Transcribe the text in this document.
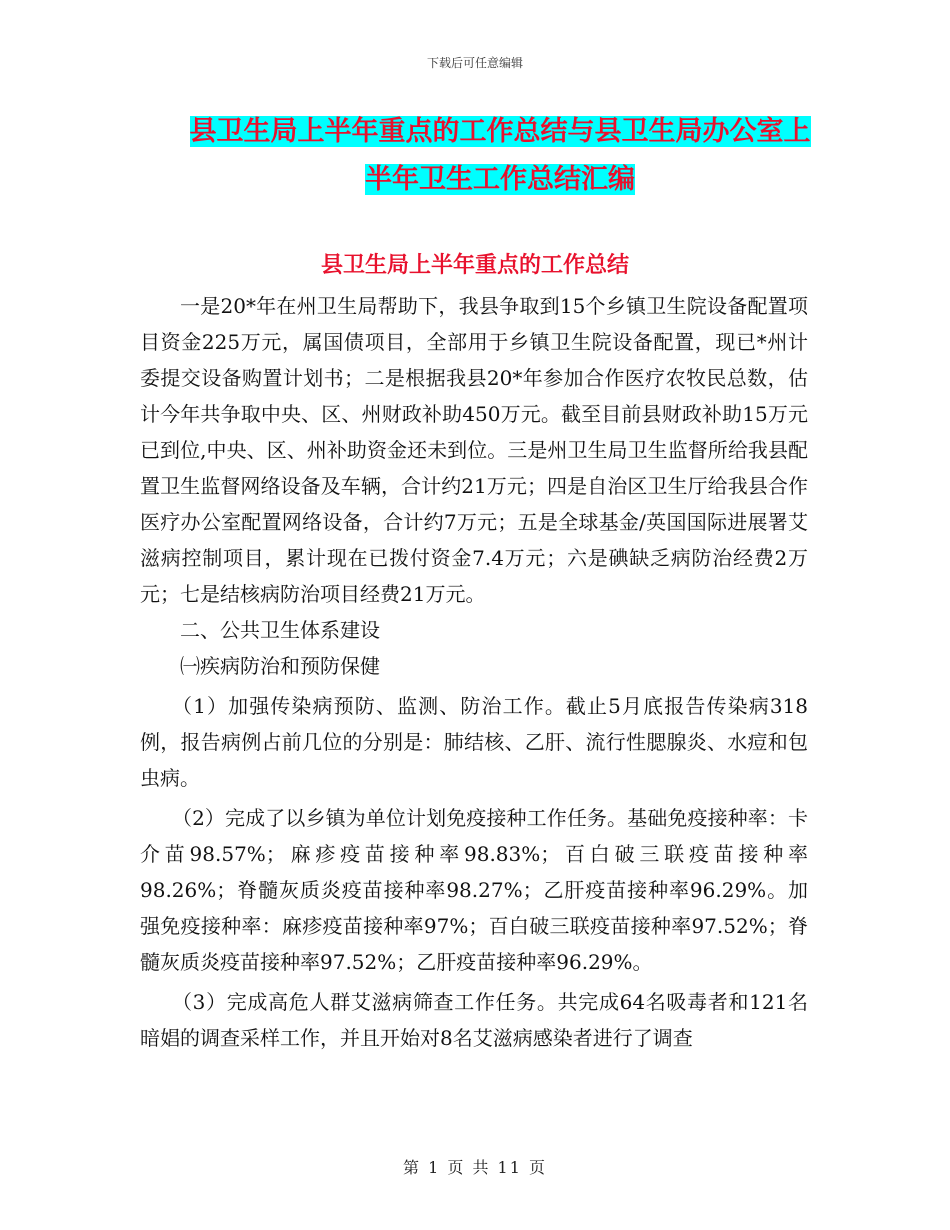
下载后可任意编辑
县卫生局上半年重点的工作总结与县卫生局办公室上
半年卫生工作总结汇编
县卫生局上半年重点的工作总结

一是20*年在州卫生局帮助下，我县争取到15个乡镇卫生院设备配置项目资金225万元，属国债项目，全部用于乡镇卫生院设备配置，现已*州计委提交设备购置计划书；二是根据我县20*年参加合作医疗农牧民总数，估计今年共争取中央、区、州财政补助450万元。截至目前县财政补助15万元已到位,中央、区、州补助资金还未到位。三是州卫生局卫生监督所给我县配置卫生监督网络设备及车辆，合计约21万元；四是自治区卫生厅给我县合作医疗办公室配置网络设备，合计约7万元；五是全球基金/英国国际进展署艾滋病控制项目，累计现在已拨付资金7.4万元；六是碘缺乏病防治经费2万元；七是结核病防治项目经费21万元。

二、公共卫生体系建设

㈠疾病防治和预防保健

（1）加强传染病预防、监测、防治工作。截止5月底报告传染病318例，报告病例占前几位的分别是：肺结核、乙肝、流行性腮腺炎、水痘和包虫病。

（2）完成了以乡镇为单位计划免疫接种工作任务。基础免疫接种率：卡介苗98.57%；麻疹疫苗接种率98.83%；百白破三联疫苗接种率98.26%；脊髓灰质炎疫苗接种率98.27%；乙肝疫苗接种率96.29%。加强免疫接种率：麻疹疫苗接种率97%；百白破三联疫苗接种率97.52%；脊髓灰质炎疫苗接种率97.52%；乙肝疫苗接种率96.29%。

（3）完成高危人群艾滋病筛查工作任务。共完成64名吸毒者和121名暗娼的调查采样工作，并且开始对8名艾滋病感染者进行了调查

第 1 页 共 11 页
